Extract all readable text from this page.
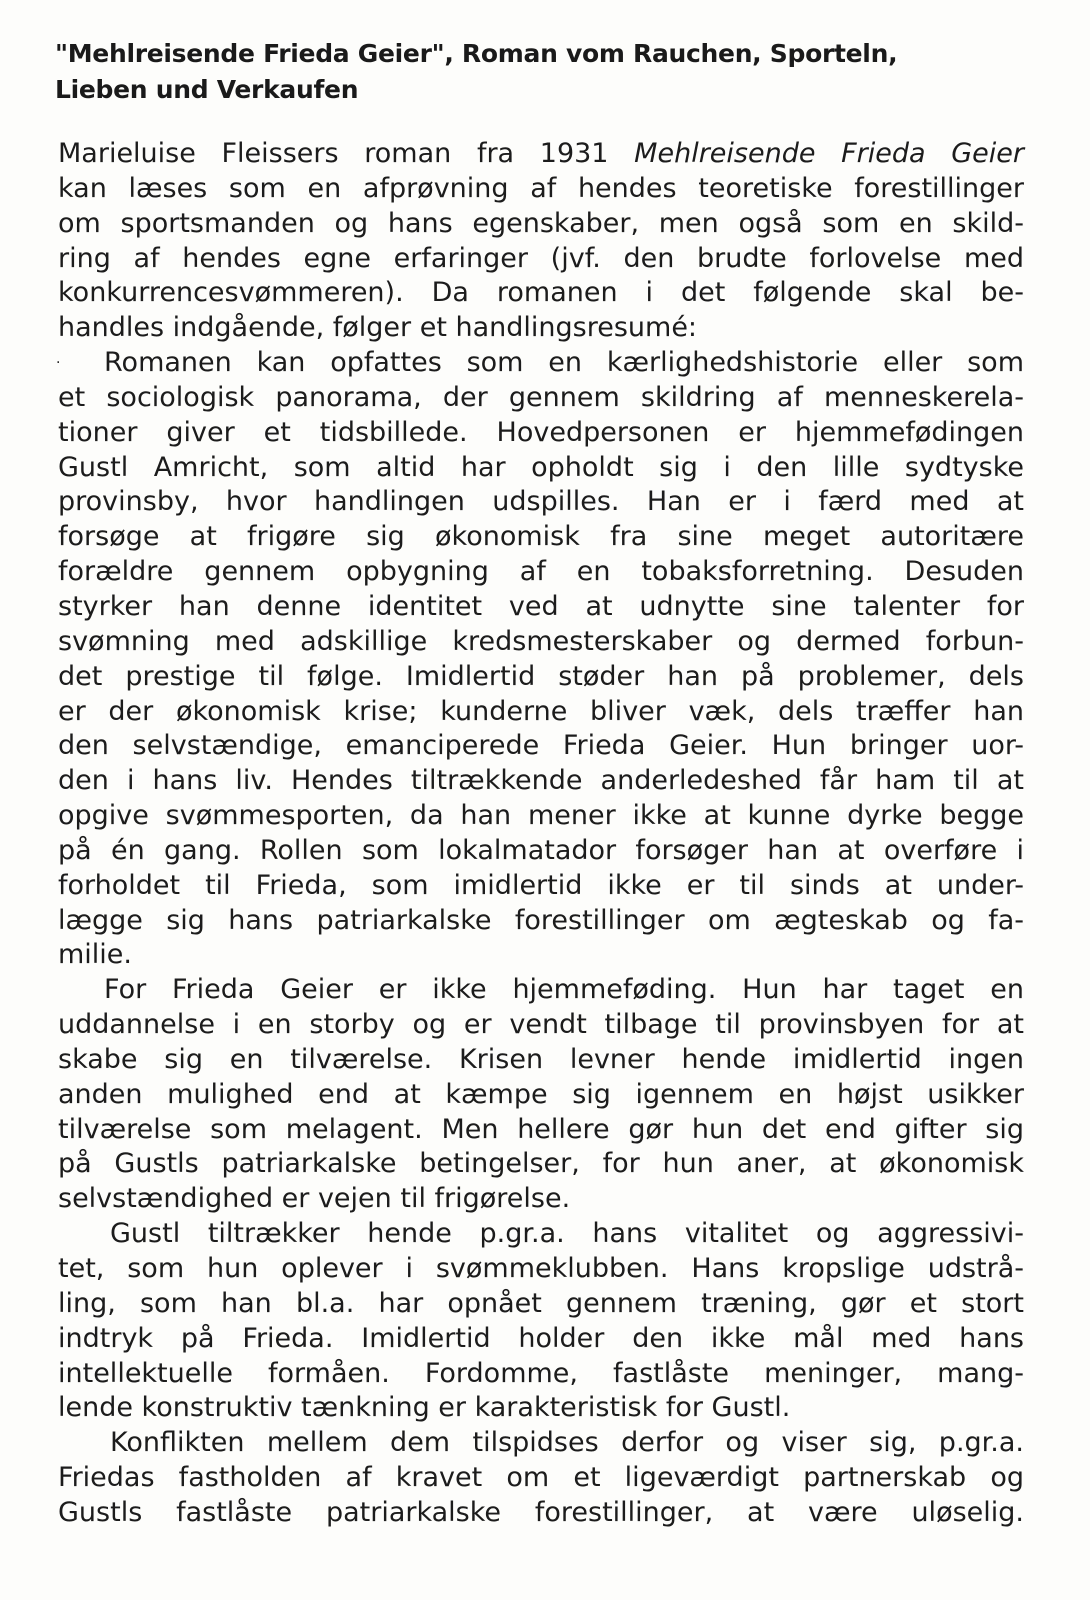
"Mehlreisende Frieda Geier", Roman vom Rauchen, Sporteln,
Lieben und Verkaufen
Marieluise Fleissers roman fra 1931 Mehlreisende Frieda Geier
kan læses som en afprøvning af hendes teoretiske forestillinger
om sportsmanden og hans egenskaber, men også som en skild-
ring af hendes egne erfaringer (jvf. den brudte forlovelse med
konkurrencesvømmeren). Da romanen i det følgende skal be-
handles indgående, følger et handlingsresumé:
· Romanen kan opfattes som en kærlighedshistorie eller som
et sociologisk panorama, der gennem skildring af menneskerela-
tioner giver et tidsbillede. Hovedpersonen er hjemmefødingen
Gustl Amricht, som altid har opholdt sig i den lille sydtyske
provinsby, hvor handlingen udspilles. Han er i færd med at
forsøge at frigøre sig økonomisk fra sine meget autoritære
forældre gennem opbygning af en tobaksforretning. Desuden
styrker han denne identitet ved at udnytte sine talenter for
svømning med adskillige kredsmesterskaber og dermed forbun-
det prestige til følge. Imidlertid støder han på problemer, dels
er der økonomisk krise; kunderne bliver væk, dels træffer han
den selvstændige, emanciperede Frieda Geier. Hun bringer uor-
den i hans liv. Hendes tiltrækkende anderledeshed får ham til at
opgive svømmesporten, da han mener ikke at kunne dyrke begge
på én gang. Rollen som lokalmatador forsøger han at overføre i
forholdet til Frieda, som imidlertid ikke er til sinds at under-
lægge sig hans patriarkalske forestillinger om ægteskab og fa-
milie.
For Frieda Geier er ikke hjemmeføding. Hun har taget en
uddannelse i en storby og er vendt tilbage til provinsbyen for at
skabe sig en tilværelse. Krisen levner hende imidlertid ingen
anden mulighed end at kæmpe sig igennem en højst usikker
tilværelse som melagent. Men hellere gør hun det end gifter sig
på Gustls patriarkalske betingelser, for hun aner, at økonomisk
selvstændighed er vejen til frigørelse.
Gustl tiltrækker hende p.gr.a. hans vitalitet og aggressivi-
tet, som hun oplever i svømmeklubben. Hans kropslige udstrå-
ling, som han bl.a. har opnået gennem træning, gør et stort
indtryk på Frieda. Imidlertid holder den ikke mål med hans
intellektuelle formåen. Fordomme, fastlåste meninger, mang-
lende konstruktiv tænkning er karakteristisk for Gustl.
Konflikten mellem dem tilspidses derfor og viser sig, p.gr.a.
Friedas fastholden af kravet om et ligeværdigt partnerskab og
Gustls fastlåste patriarkalske forestillinger, at være uløselig.
